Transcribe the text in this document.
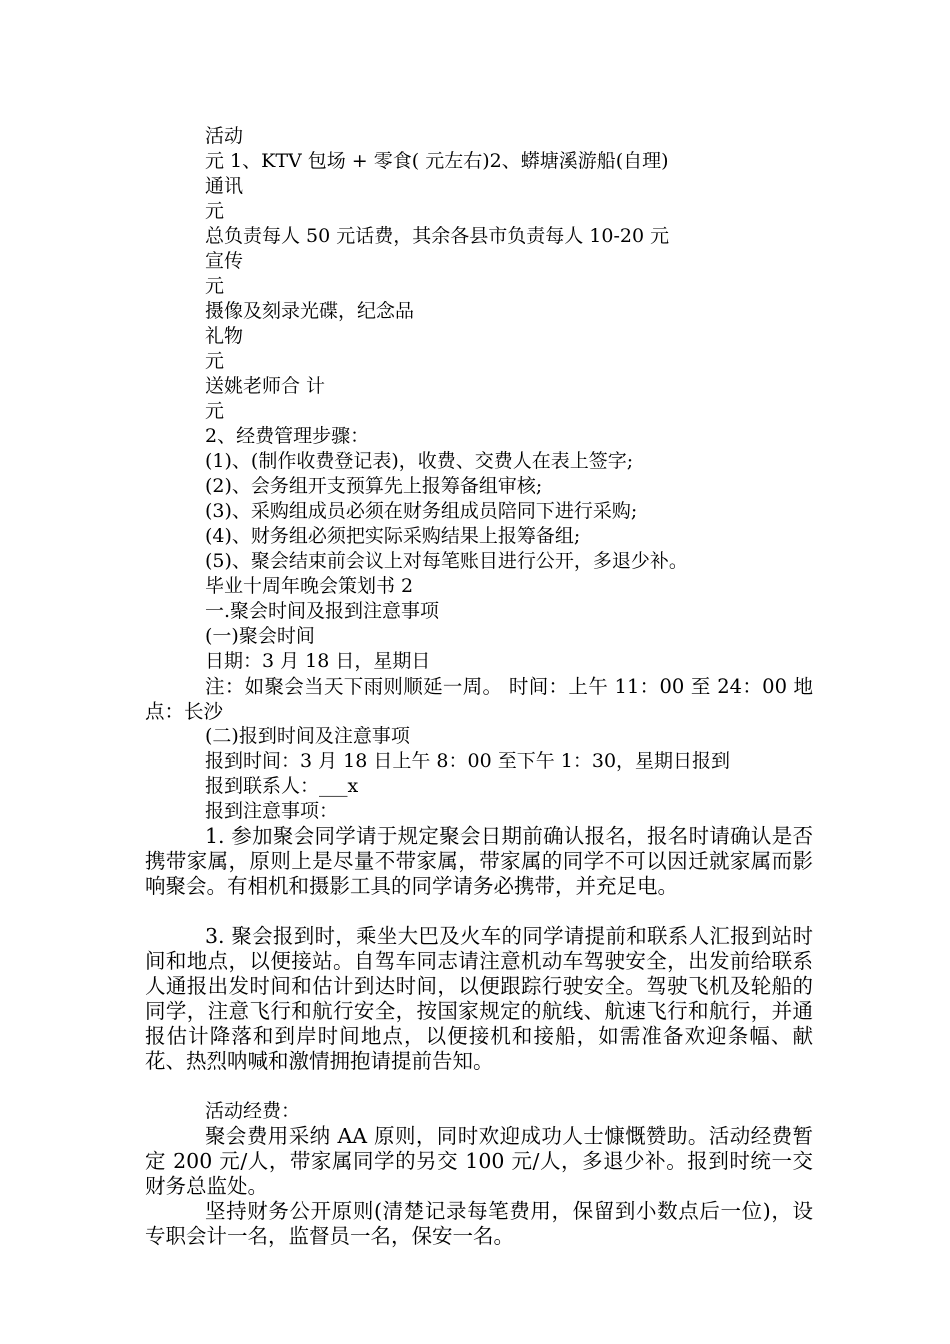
活动
元 1、KTV 包场 + 零食( 元左右)2、蟒塘溪游船(自理)
通讯
元
总负责每人 50 元话费，其余各县市负责每人 10-20 元
宣传
元
摄像及刻录光碟，纪念品
礼物
元
送姚老师合 计
元
2、经费管理步骤：
(1)、(制作收费登记表)，收费、交费人在表上签字;
(2)、会务组开支预算先上报筹备组审核;
(3)、采购组成员必须在财务组成员陪同下进行采购;
(4)、财务组必须把实际采购结果上报筹备组;
(5)、聚会结束前会议上对每笔账目进行公开，多退少补。
毕业十周年晚会策划书 2
一.聚会时间及报到注意事项
(一)聚会时间
日期：3 月 18 日，星期日
注：如聚会当天下雨则顺延一周。 时间：上午 11：00 至 24：00 地点：长沙
(二)报到时间及注意事项
报到时间：3 月 18 日上午 8：00 至下午 1：30，星期日报到
报到联系人：___x
报到注意事项：
1. 参加聚会同学请于规定聚会日期前确认报名，报名时请确认是否携带家属，原则上是尽量不带家属，带家属的同学不可以因迁就家属而影响聚会。有相机和摄影工具的同学请务必携带，并充足电。
3. 聚会报到时，乘坐大巴及火车的同学请提前和联系人汇报到站时间和地点，以便接站。自驾车同志请注意机动车驾驶安全，出发前给联系人通报出发时间和估计到达时间，以便跟踪行驶安全。驾驶飞机及轮船的同学，注意飞行和航行安全，按国家规定的航线、航速飞行和航行，并通报估计降落和到岸时间地点，以便接机和接船，如需准备欢迎条幅、献花、热烈呐喊和激情拥抱请提前告知。
活动经费：
聚会费用采纳 AA 原则，同时欢迎成功人士慷慨赞助。活动经费暂定 200 元/人，带家属同学的另交 100 元/人，多退少补。报到时统一交财务总监处。
坚持财务公开原则(清楚记录每笔费用，保留到小数点后一位)，设专职会计一名，监督员一名，保安一名。
